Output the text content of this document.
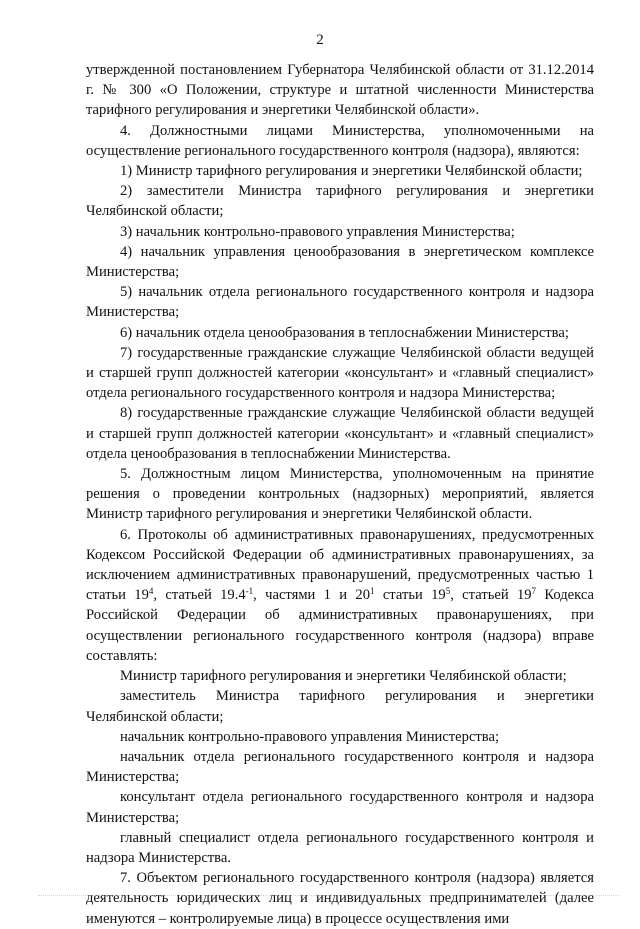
2

утвержденной постановлением Губернатора Челябинской области от 31.12.2014 г. № 300 «О Положении, структуре и штатной численности Министерства тарифного регулирования и энергетики Челябинской области».

4. Должностными лицами Министерства, уполномоченными на осуществление регионального государственного контроля (надзора), являются:

1) Министр тарифного регулирования и энергетики Челябинской области;

2) заместители Министра тарифного регулирования и энергетики Челябинской области;

3) начальник контрольно-правового управления Министерства;

4) начальник управления ценообразования в энергетическом комплексе Министерства;

5) начальник отдела регионального государственного контроля и надзора Министерства;

6) начальник отдела ценообразования в теплоснабжении Министерства;

7) государственные гражданские служащие Челябинской области ведущей и старшей групп должностей категории «консультант» и «главный специалист» отдела регионального государственного контроля и надзора Министерства;

8) государственные гражданские служащие Челябинской области ведущей и старшей групп должностей категории «консультант» и «главный специалист» отдела ценообразования в теплоснабжении Министерства.

5. Должностным лицом Министерства, уполномоченным на принятие решения о проведении контрольных (надзорных) мероприятий, является Министр тарифного регулирования и энергетики Челябинской области.

6. Протоколы об административных правонарушениях, предусмотренных Кодексом Российской Федерации об административных правонарушениях, за исключением административных правонарушений, предусмотренных частью 1 статьи $19^4$, статьей $19.4^{-1}$, частями 1 и $20^1$ статьи $19^5$, статьей $19^7$ Кодекса Российской Федерации об административных правонарушениях, при осуществлении регионального государственного контроля (надзора) вправе составлять:

Министр тарифного регулирования и энергетики Челябинской области;

заместитель Министра тарифного регулирования и энергетики Челябинской области;

начальник контрольно-правового управления Министерства;

начальник отдела регионального государственного контроля и надзора Министерства;

консультант отдела регионального государственного контроля и надзора Министерства;

главный специалист отдела регионального государственного контроля и надзора Министерства.

7. Объектом регионального государственного контроля (надзора) является деятельность юридических лиц и индивидуальных предпринимателей (далее именуются – контролируемые лица) в процессе осуществления ими
